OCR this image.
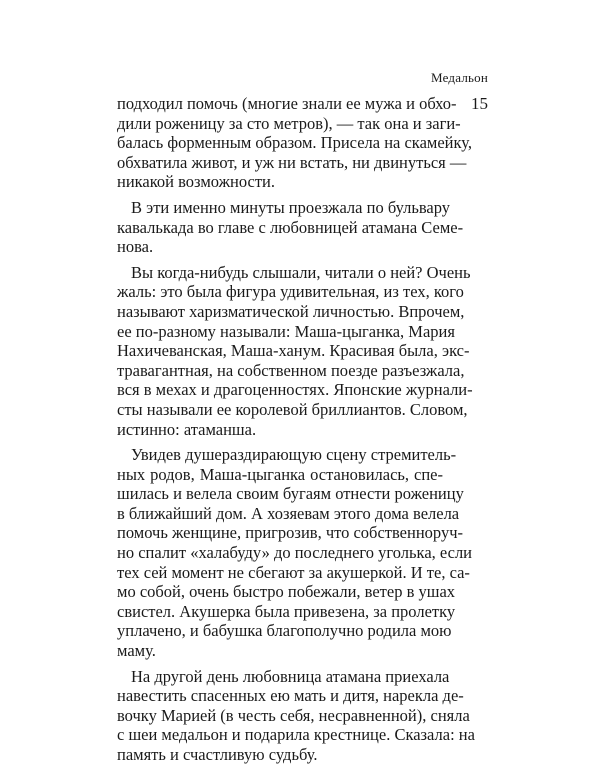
Медальон
15
подходил помочь (многие знали ее мужа и обхо-
дили роженицу за сто метров), — так она и заги-
балась форменным образом. Присела на скамейку,
обхватила живот, и уж ни встать, ни двинуться —
никакой возможности.
В эти именно минуты проезжала по бульвару
кавалькада во главе с любовницей атамана Семе-
нова.
Вы когда-нибудь слышали, читали о ней? Очень
жаль: это была фигура удивительная, из тех, кого
называют харизматической личностью. Впрочем,
ее по-разному называли: Маша-цыганка, Мария
Нахичеванская, Маша-ханум. Красивая была, экс-
травагантная, на собственном поезде разъезжала,
вся в мехах и драгоценностях. Японские журнали-
сты называли ее королевой бриллиантов. Словом,
истинно: атаманша.
Увидев душераздирающую сцену стремитель-
ных родов, Маша-цыганка остановилась, спе-
шилась и велела своим бугаям отнести роженицу
в ближайший дом. А хозяевам этого дома велела
помочь женщине, пригрозив, что собственноруч-
но спалит «халабуду» до последнего уголька, если
тех сей момент не сбегают за акушеркой. И те, са-
мо собой, очень быстро побежали, ветер в ушах
свистел. Акушерка была привезена, за пролетку
уплачено, и бабушка благополучно родила мою
маму.
На другой день любовница атамана приехала
навестить спасенных ею мать и дитя, нарекла де-
вочку Марией (в честь себя, несравненной), сняла
с шеи медальон и подарила крестнице. Сказала: на
память и счастливую судьбу.
